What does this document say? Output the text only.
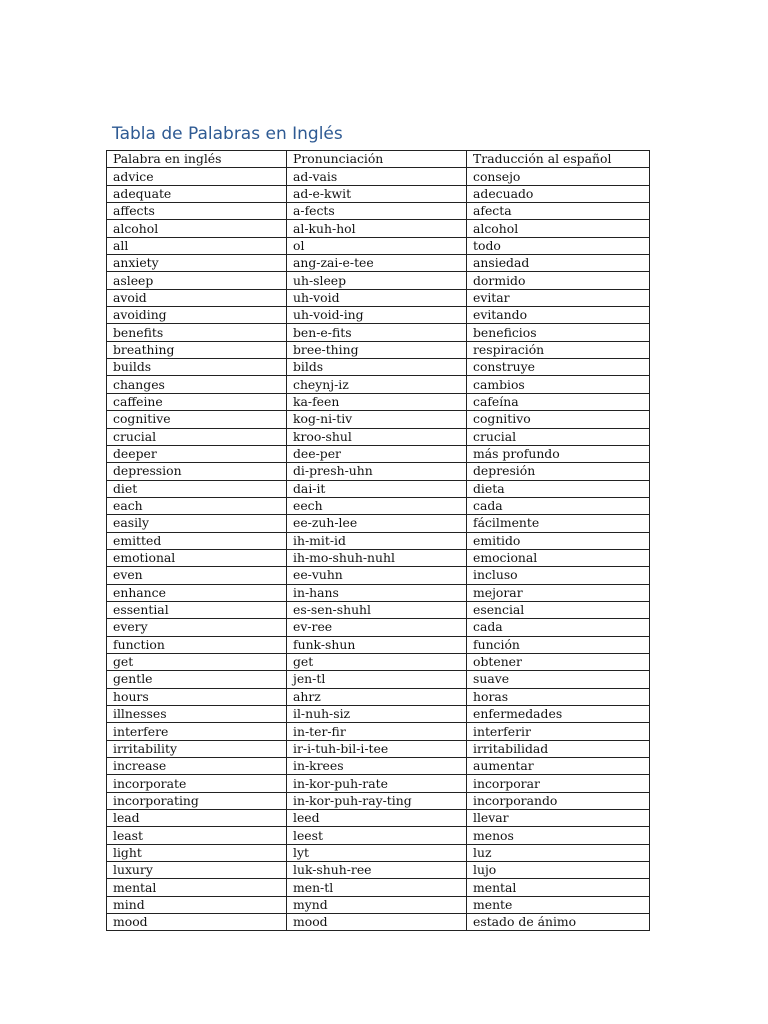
Tabla de Palabras en Inglés
Palabra en inglés	Pronunciación	Traducción al español
advice	ad-vais	consejo
adequate	ad-e-kwit	adecuado
affects	a-fects	afecta
alcohol	al-kuh-hol	alcohol
all	ol	todo
anxiety	ang-zai-e-tee	ansiedad
asleep	uh-sleep	dormido
avoid	uh-void	evitar
avoiding	uh-void-ing	evitando
benefits	ben-e-fits	beneficios
breathing	bree-thing	respiración
builds	bilds	construye
changes	cheynj-iz	cambios
caffeine	ka-feen	cafeína
cognitive	kog-ni-tiv	cognitivo
crucial	kroo-shul	crucial
deeper	dee-per	más profundo
depression	di-presh-uhn	depresión
diet	dai-it	dieta
each	eech	cada
easily	ee-zuh-lee	fácilmente
emitted	ih-mit-id	emitido
emotional	ih-mo-shuh-nuhl	emocional
even	ee-vuhn	incluso
enhance	in-hans	mejorar
essential	es-sen-shuhl	esencial
every	ev-ree	cada
function	funk-shun	función
get	get	obtener
gentle	jen-tl	suave
hours	ahrz	horas
illnesses	il-nuh-siz	enfermedades
interfere	in-ter-fir	interferir
irritability	ir-i-tuh-bil-i-tee	irritabilidad
increase	in-krees	aumentar
incorporate	in-kor-puh-rate	incorporar
incorporating	in-kor-puh-ray-ting	incorporando
lead	leed	llevar
least	leest	menos
light	lyt	luz
luxury	luk-shuh-ree	lujo
mental	men-tl	mental
mind	mynd	mente
mood	mood	estado de ánimo
